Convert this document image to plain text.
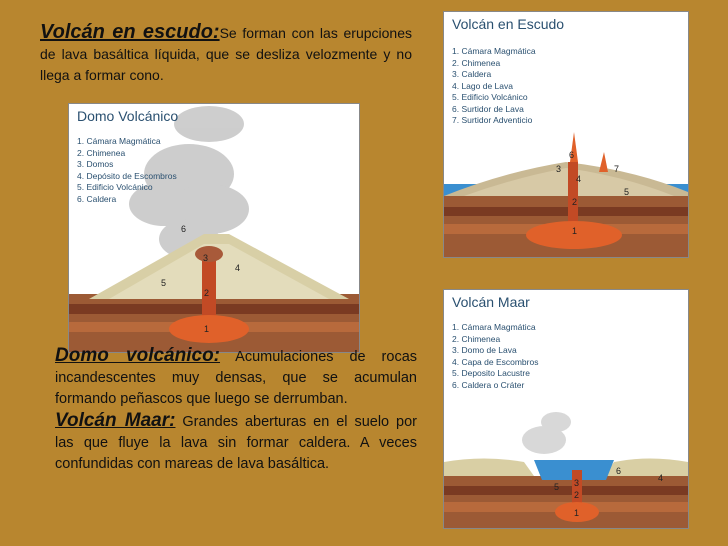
Volcán en escudo:Se forman con las erupciones de lava basáltica líquida, que se desliza velozmente y no llega a formar cono.
1
2
3
4
5
6
Domo Volcánico
1. Cámara Magmática
2. Chimenea
3. Domos
4. Depósito de Escombros
5. Edificio Volcánico
6. Caldera
1
2
3
4
5
6
7
Volcán en Escudo
1. Cámara Magmática
2. Chimenea
3. Caldera
4. Lago de Lava
5. Edificio Volcánico
6. Surtidor de Lava
7. Surtidor Adventicio
1
2
3	4
5
6
Volcán Maar
1. Cámara Magmática
2. Chimenea
3. Domo de Lava
4. Capa de Escombros
5. Deposito Lacustre
6. Caldera o Cráter

Domo volcánico: Acumulaciones de rocas incandescentes muy densas, que se acumulan formando peñascos que luego se derrumban.

Volcán Maar: Grandes aberturas en el suelo por las que fluye la lava sin formar caldera. A veces confundidas con mareas de lava basáltica.
